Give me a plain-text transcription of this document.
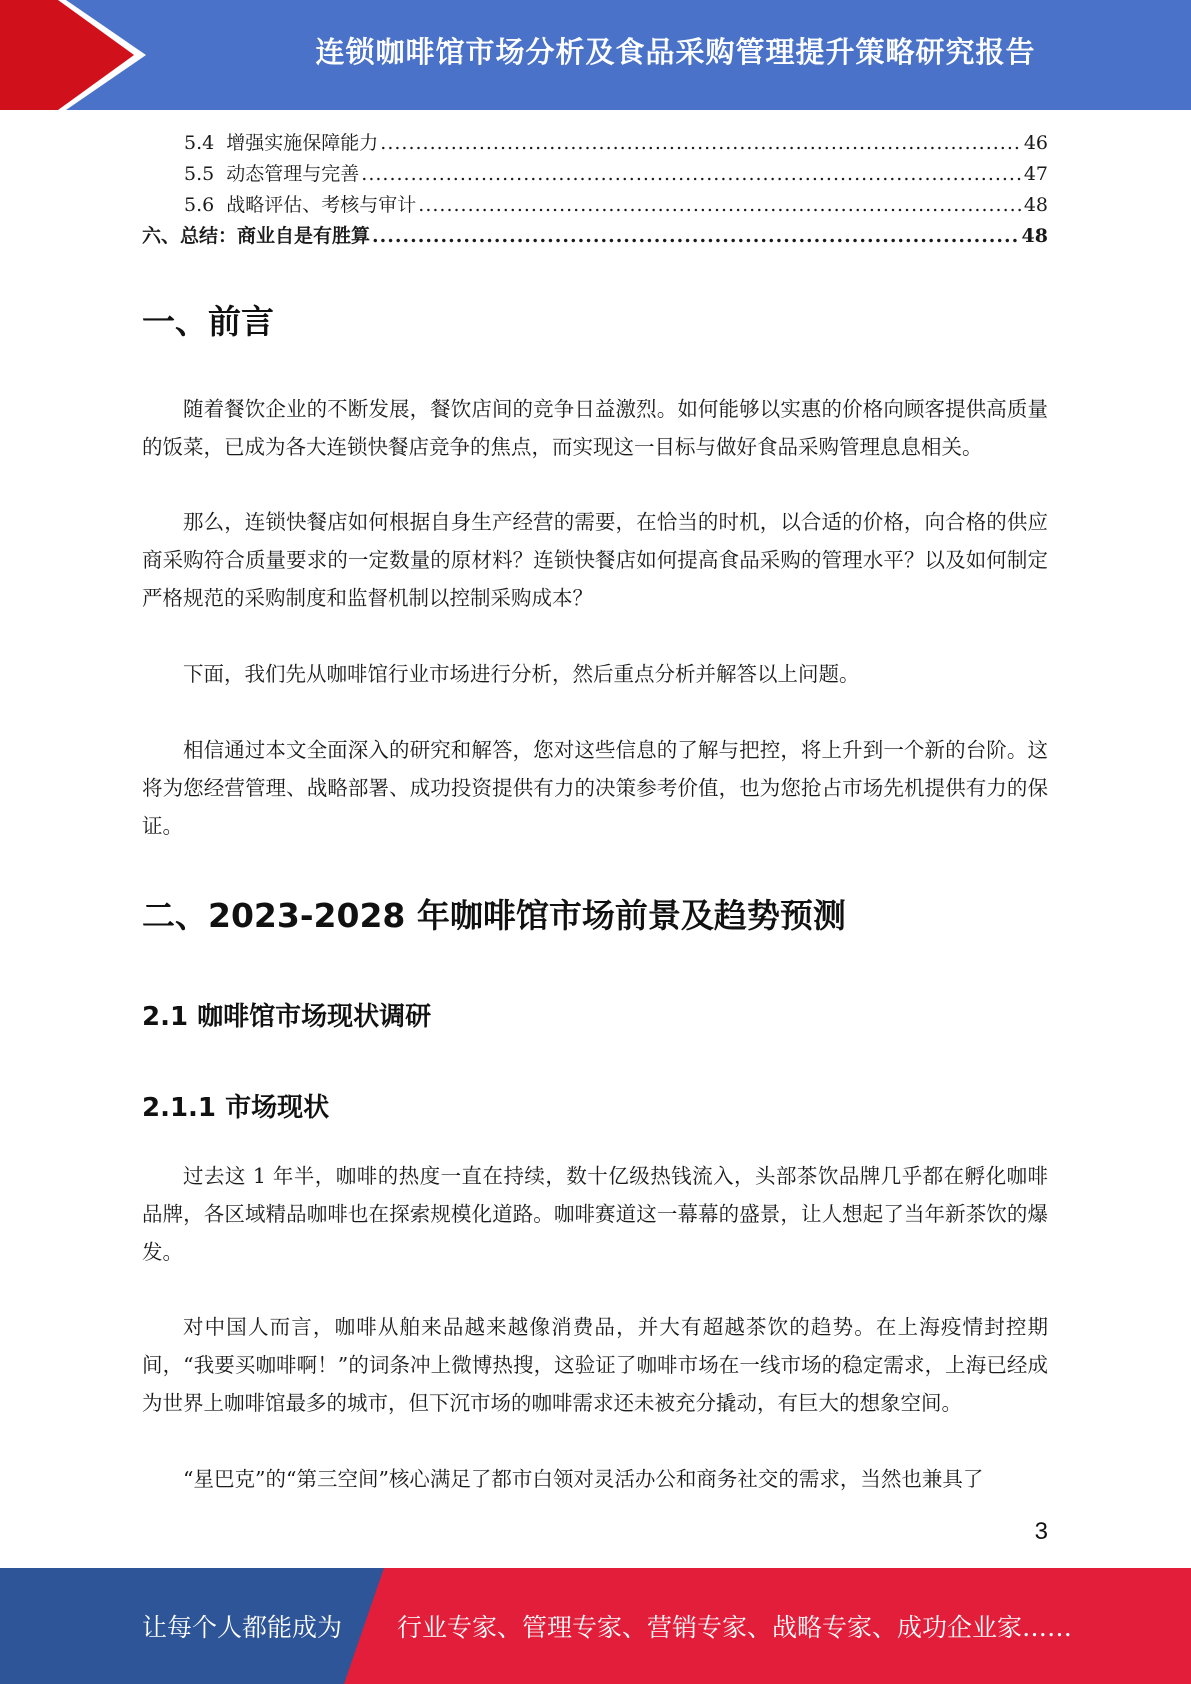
连锁咖啡馆市场分析及食品采购管理提升策略研究报告
5.4  增强实施保障能力 .....	46
5.5  动态管理与完善 .....	47
5.6  战略评估、考核与审计 .....	48
六、总结：商业自是有胜算 .....	48
一、前言

随着餐饮企业的不断发展，餐饮店间的竞争日益激烈。如何能够以实惠的价格向顾客提供高质量的饭菜，已成为各大连锁快餐店竞争的焦点，而实现这一目标与做好食品采购管理息息相关。

那么，连锁快餐店如何根据自身生产经营的需要，在恰当的时机，以合适的价格，向合格的供应商采购符合质量要求的一定数量的原材料？连锁快餐店如何提高食品采购的管理水平？以及如何制定严格规范的采购制度和监督机制以控制采购成本？

下面，我们先从咖啡馆行业市场进行分析，然后重点分析并解答以上问题。

相信通过本文全面深入的研究和解答，您对这些信息的了解与把控，将上升到一个新的台阶。这将为您经营管理、战略部署、成功投资提供有力的决策参考价值，也为您抢占市场先机提供有力的保证。

二、2023-2028 年咖啡馆市场前景及趋势预测
2.1 咖啡馆市场现状调研
2.1.1 市场现状

过去这 1 年半，咖啡的热度一直在持续，数十亿级热钱流入，头部茶饮品牌几乎都在孵化咖啡品牌，各区域精品咖啡也在探索规模化道路。咖啡赛道这一幕幕的盛景，让人想起了当年新茶饮的爆发。

对中国人而言，咖啡从舶来品越来越像消费品，并大有超越茶饮的趋势。在上海疫情封控期间，“我要买咖啡啊！”的词条冲上微博热搜，这验证了咖啡市场在一线市场的稳定需求，上海已经成为世界上咖啡馆最多的城市，但下沉市场的咖啡需求还未被充分撬动，有巨大的想象空间。

“星巴克”的“第三空间”核心满足了都市白领对灵活办公和商务社交的需求，当然也兼具了

3
让每个人都能成为 行业专家、管理专家、营销专家、战略专家、成功企业家……
